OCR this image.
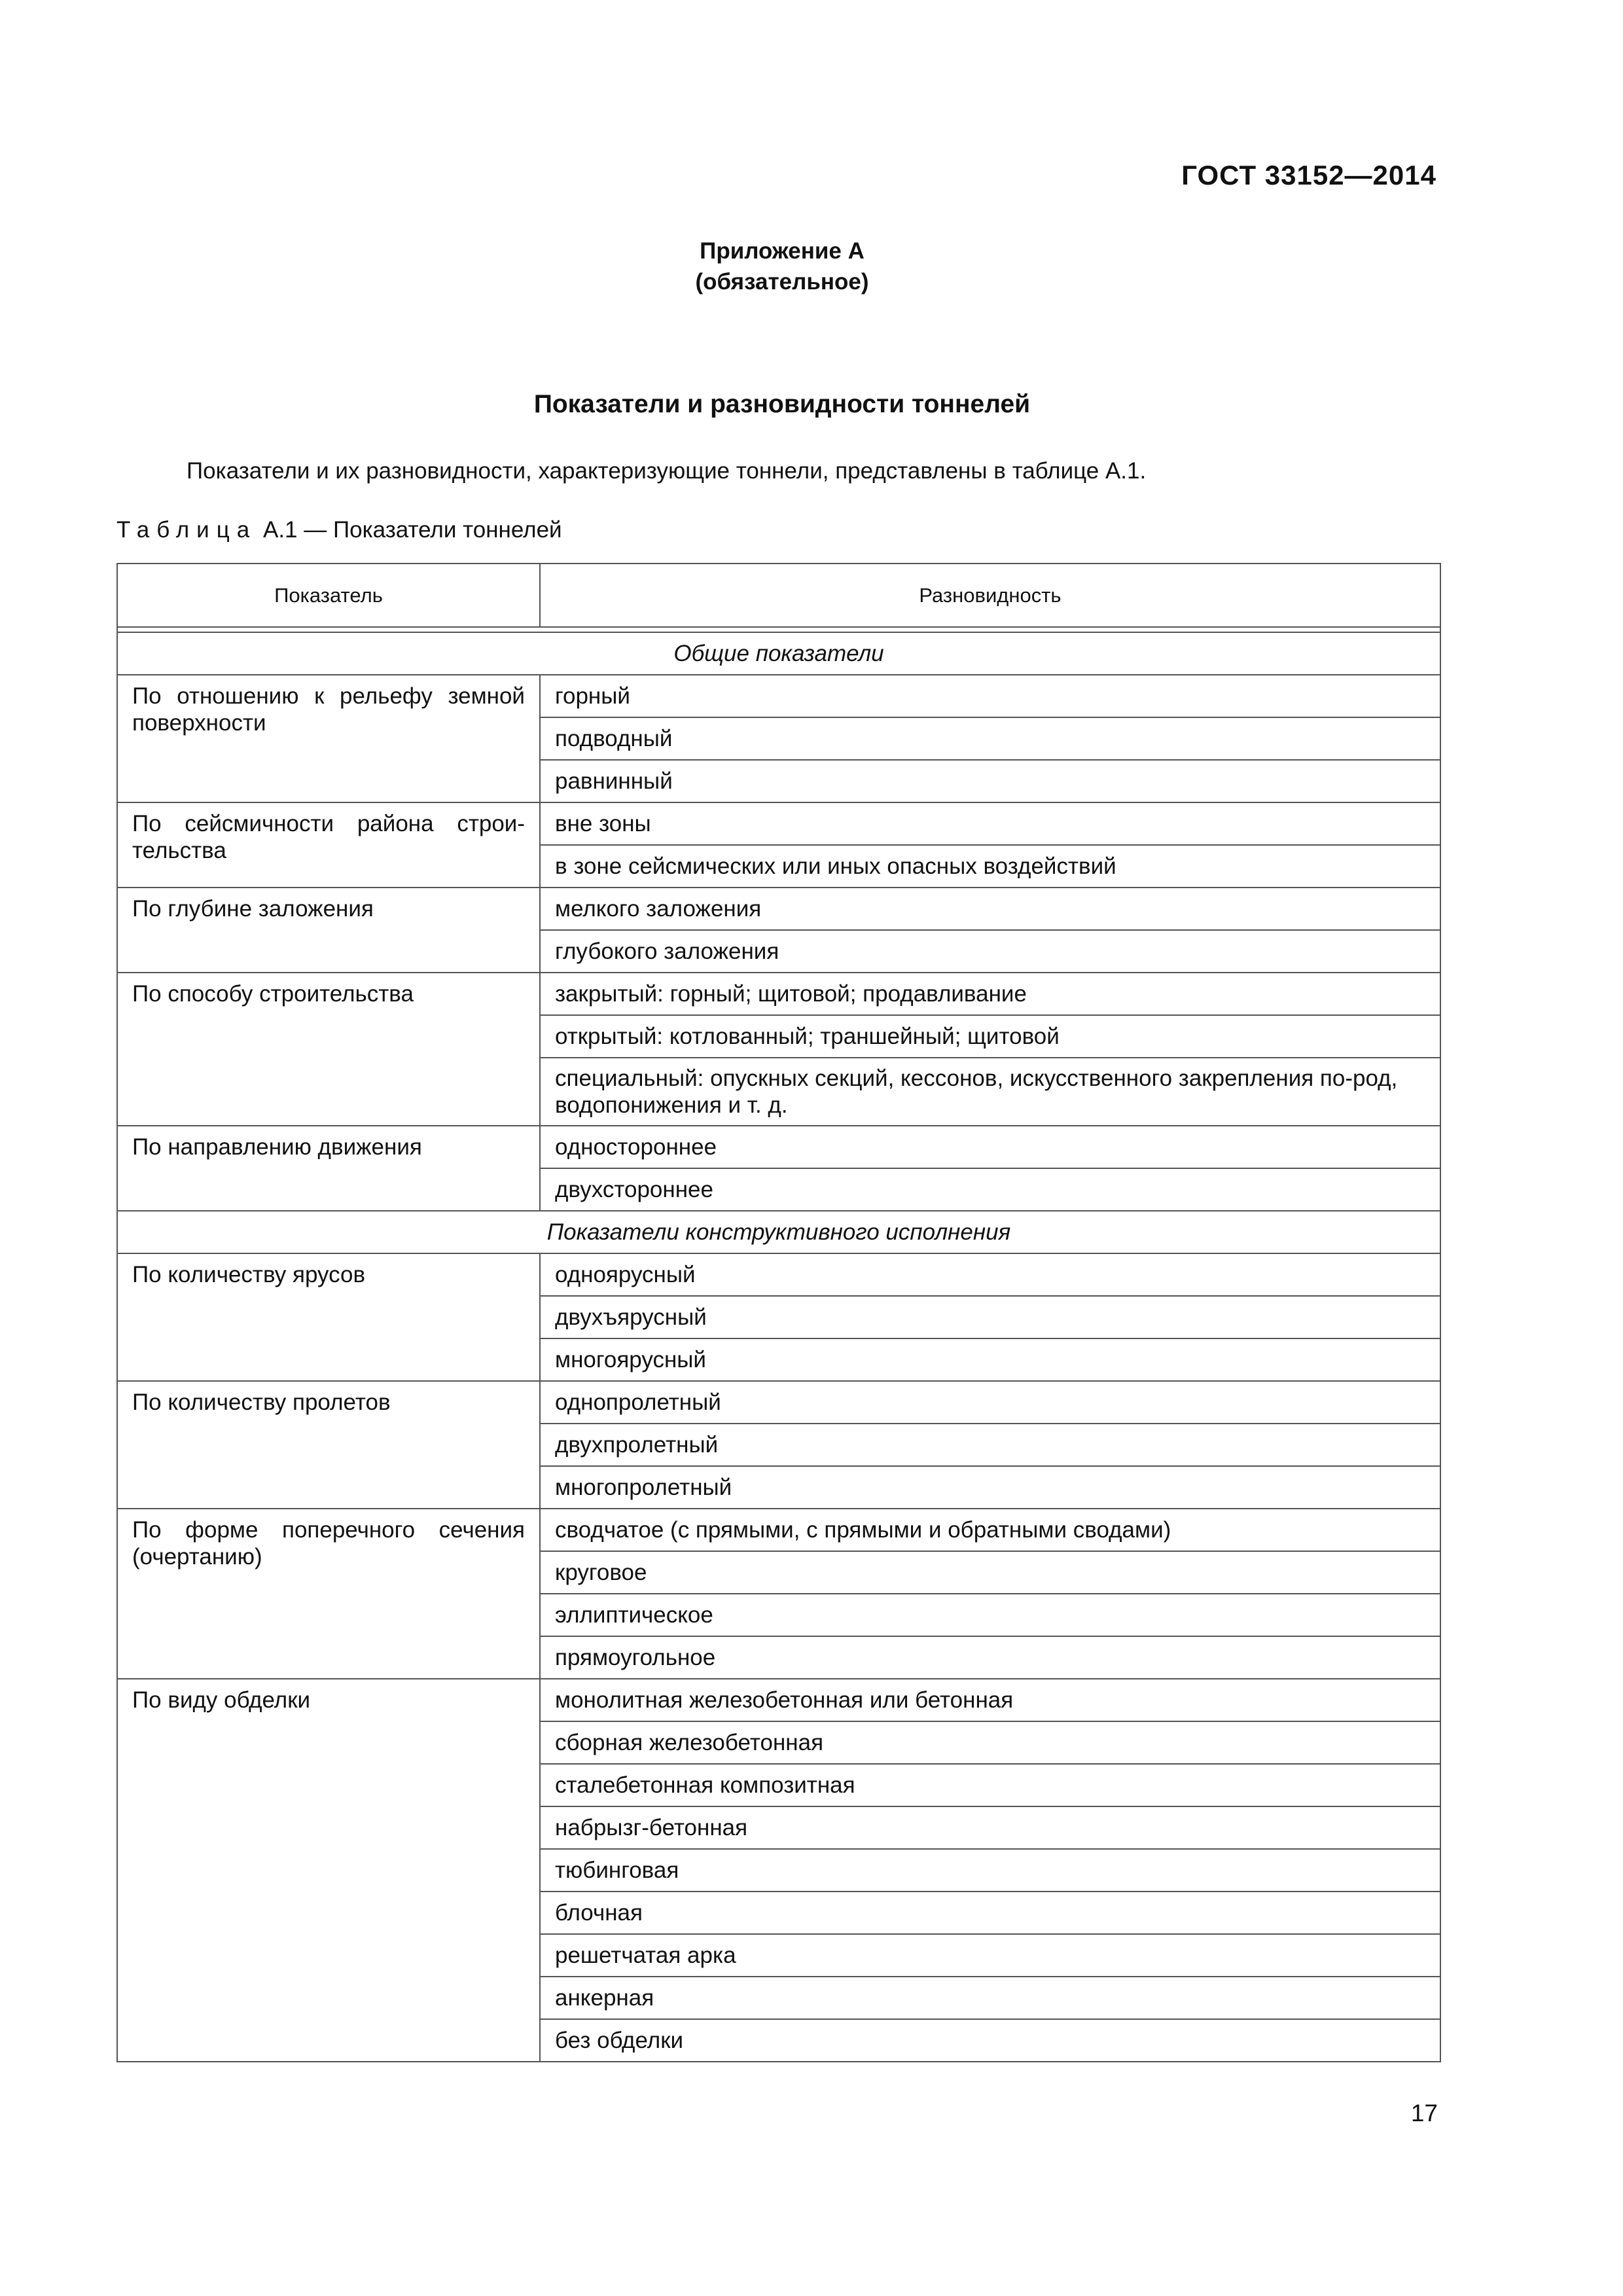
ГОСТ 33152—2014
Приложение А
(обязательное)
Показатели и разновидности тоннелей
Показатели и их разновидности, характеризующие тоннели, представлены в таблице А.1.
Таблица А.1 — Показатели тоннелей
Показатель	Разновидность

Общие показатели	
По отношению к рельефу земной поверхности	горный
	подводный
	равнинный
По сейсмичности района строи-тельства	вне зоны
	в зоне сейсмических или иных опасных воздействий
По глубине заложения	мелкого заложения
	глубокого заложения
По способу строительства	закрытый: горный; щитовой; продавливание
	открытый: котлованный; траншейный; щитовой
	специальный: опускных секций, кессонов, искусственного закрепления по-род, водопонижения и т. д.
По направлению движения	одностороннее
	двухстороннее
Показатели конструктивного исполнения	
По количеству ярусов	одноярусный
	двухъярусный
	многоярусный
По количеству пролетов	однопролетный
	двухпролетный
	многопролетный
По форме поперечного сечения (очертанию)	сводчатое (с прямыми, с прямыми и обратными сводами)
	круговое
	эллиптическое
	прямоугольное
По виду обделки	монолитная железобетонная или бетонная
	сборная железобетонная
	сталебетонная композитная
	набрызг-бетонная
	тюбинговая
	блочная
	решетчатая арка
	анкерная
	без обделки
17
